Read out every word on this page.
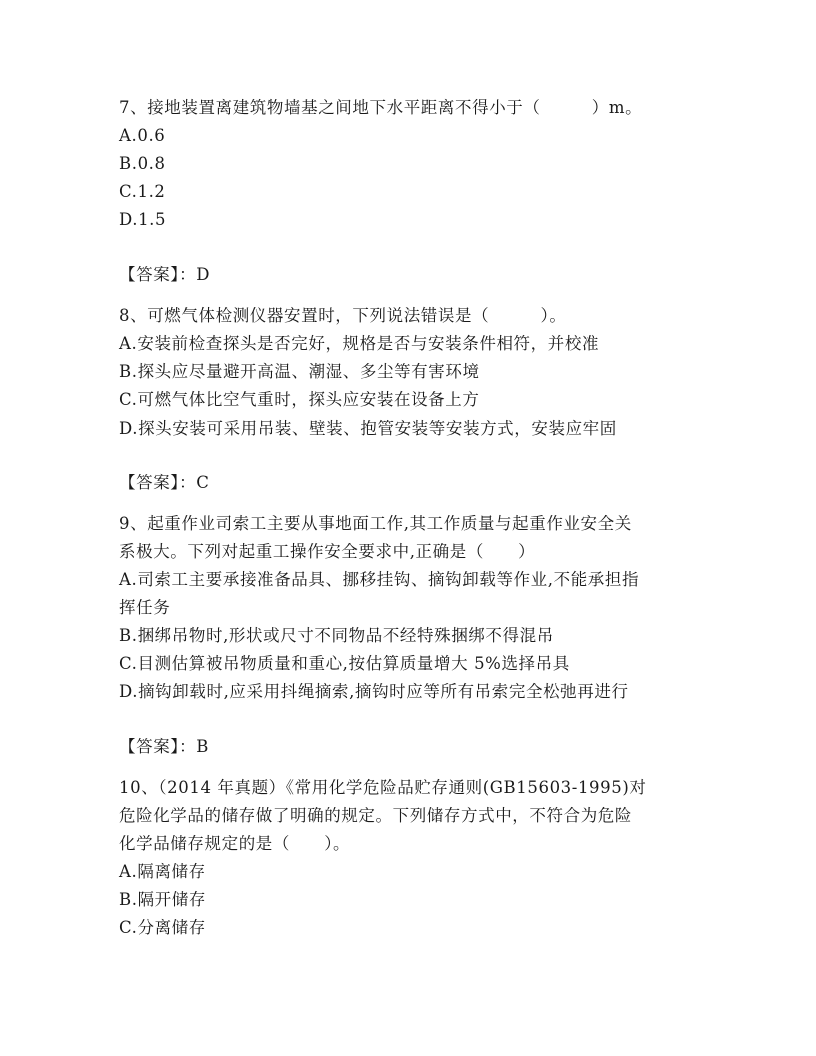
7、接地装置离建筑物墙基之间地下水平距离不得小于（　　　）m。

A.0.6

B.0.8

C.1.2

D.1.5

【答案】：D

8、可燃气体检测仪器安置时，下列说法错误是（　　　）。

A.安装前检查探头是否完好，规格是否与安装条件相符，并校准

B.探头应尽量避开高温、潮湿、多尘等有害环境

C.可燃气体比空气重时，探头应安装在设备上方

D.探头安装可采用吊装、壁装、抱管安装等安装方式，安装应牢固

【答案】：C

9、起重作业司索工主要从事地面工作,其工作质量与起重作业安全关

系极大。下列对起重工操作安全要求中,正确是（　　）

A.司索工主要承接准备品具、挪移挂钩、摘钩卸载等作业,不能承担指

挥任务

B.捆绑吊物时,形状或尺寸不同物品不经特殊捆绑不得混吊

C.目测估算被吊物质量和重心,按估算质量增大 5%选择吊具

D.摘钩卸载时,应采用抖绳摘索,摘钩时应等所有吊索完全松弛再进行

【答案】：B

10、（2014 年真题）《常用化学危险品贮存通则(GB15603-1995)对

危险化学品的储存做了明确的规定。下列储存方式中，不符合为危险

化学品储存规定的是（　　）。

A.隔离储存

B.隔开储存

C.分离储存
